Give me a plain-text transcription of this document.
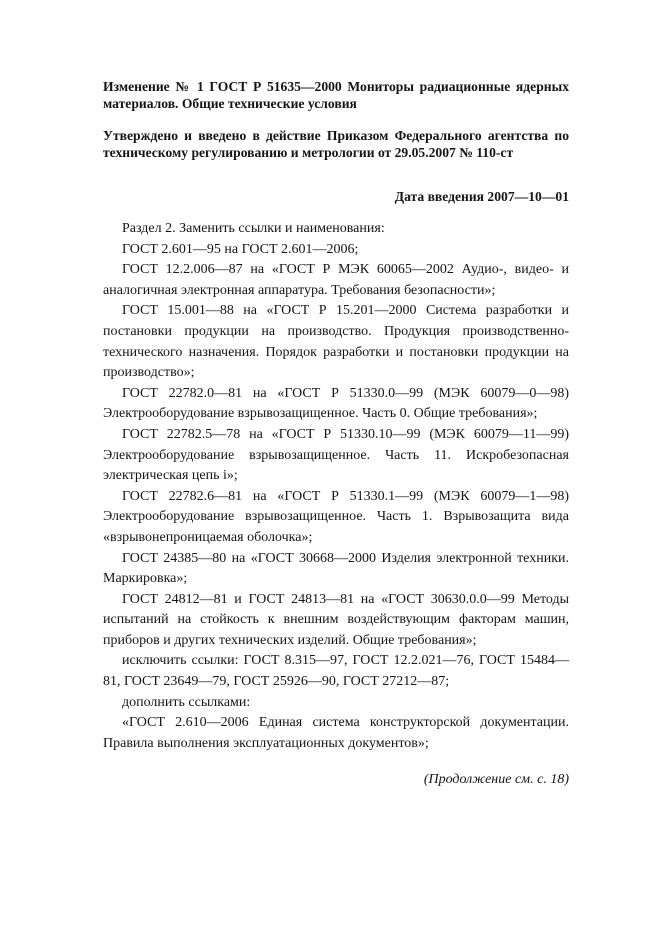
Изменение № 1 ГОСТ Р 51635—2000 Мониторы радиационные ядерных материалов. Общие технические условия

Утверждено и введено в действие Приказом Федерального агентства по техническому регулированию и метрологии от 29.05.2007 № 110-ст

Дата введения 2007—10—01

Раздел 2. Заменить ссылки и наименования:

ГОСТ 2.601—95 на ГОСТ 2.601—2006;

ГОСТ 12.2.006—87 на «ГОСТ Р МЭК 60065—2002 Аудио-, видео- и аналогичная электронная аппаратура. Требования безопасности»;

ГОСТ 15.001—88 на «ГОСТ Р 15.201—2000 Система разработки и постановки продукции на производство. Продукция производственно-технического назначения. Порядок разработки и постановки продукции на производство»;

ГОСТ 22782.0—81 на «ГОСТ Р 51330.0—99 (МЭК 60079—0—98) Электрооборудование взрывозащищенное. Часть 0. Общие требования»;

ГОСТ 22782.5—78 на «ГОСТ Р 51330.10—99 (МЭК 60079—11—99) Электрооборудование взрывозащищенное. Часть 11. Искробезопасная электрическая цепь i»;

ГОСТ 22782.6—81 на «ГОСТ Р 51330.1—99 (МЭК 60079—1—98) Электрооборудование взрывозащищенное. Часть 1. Взрывозащита вида «взрывонепроницаемая оболочка»;

ГОСТ 24385—80 на «ГОСТ 30668—2000 Изделия электронной техники. Маркировка»;

ГОСТ 24812—81 и ГОСТ 24813—81 на «ГОСТ 30630.0.0—99 Методы испытаний на стойкость к внешним воздействующим факторам машин, приборов и других технических изделий. Общие требования»;

исключить ссылки: ГОСТ 8.315—97, ГОСТ 12.2.021—76, ГОСТ 15484—81, ГОСТ 23649—79, ГОСТ 25926—90, ГОСТ 27212—87;

дополнить ссылками:

«ГОСТ 2.610—2006 Единая система конструкторской документации. Правила выполнения эксплуатационных документов»;

(Продолжение см. с. 18)
